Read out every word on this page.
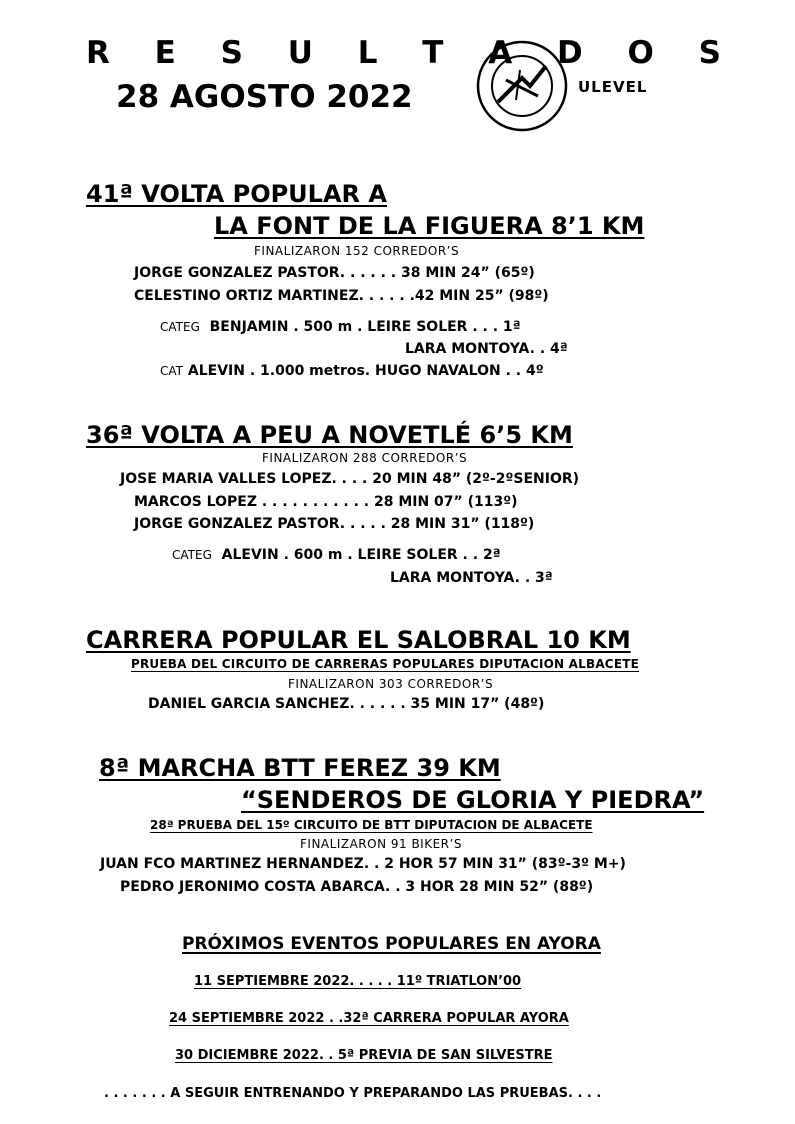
R E S U L T A D O S
28 AGOSTO 2022	ULEVEL
41ª VOLTA POPULAR A
LA FONT DE LA FIGUERA 8’1 KM
FINALIZARON 152 CORREDOR’S
JORGE GONZALEZ PASTOR. . . . . . 38 MIN 24” (65º)
CELESTINO ORTIZ MARTINEZ. . . . . .42 MIN 25” (98º)
CATEG BENJAMIN . 500 m . LEIRE SOLER . . . 1ª
LARA MONTOYA. . 4ª
CAT ALEVIN . 1.000 metros. HUGO NAVALON . . 4º
36ª VOLTA A PEU A NOVETLÉ 6’5 KM
FINALIZARON 288 CORREDOR’S
JOSE MARIA VALLES LOPEZ. . . . 20 MIN 48” (2º-2ºSENIOR)
MARCOS LOPEZ . . . . . . . . . . . 28 MIN 07” (113º)
JORGE GONZALEZ PASTOR. . . . . 28 MIN 31” (118º)
CATEG ALEVIN . 600 m . LEIRE SOLER . . 2ª
LARA MONTOYA. . 3ª
CARRERA POPULAR EL SALOBRAL 10 KM
PRUEBA DEL CIRCUITO DE CARRERAS POPULARES DIPUTACION ALBACETE
FINALIZARON 303 CORREDOR’S
DANIEL GARCIA SANCHEZ. . . . . . 35 MIN 17” (48º)
8ª MARCHA BTT FEREZ 39 KM
“SENDEROS DE GLORIA Y PIEDRA”
28ª PRUEBA DEL 15º CIRCUITO DE BTT DIPUTACION DE ALBACETE
FINALIZARON 91 BIKER’S
JUAN FCO MARTINEZ HERNANDEZ. . 2 HOR 57 MIN 31” (83º-3º M+)
PEDRO JERONIMO COSTA ABARCA. . 3 HOR 28 MIN 52” (88º)
PRÓXIMOS EVENTOS POPULARES EN AYORA
11 SEPTIEMBRE 2022. . . . . 11º TRIATLON’00
24 SEPTIEMBRE 2022 . .32ª CARRERA POPULAR AYORA
30 DICIEMBRE 2022. . 5ª PREVIA DE SAN SILVESTRE
. . . . . . . A SEGUIR ENTRENANDO Y PREPARANDO LAS PRUEBAS. . . .
